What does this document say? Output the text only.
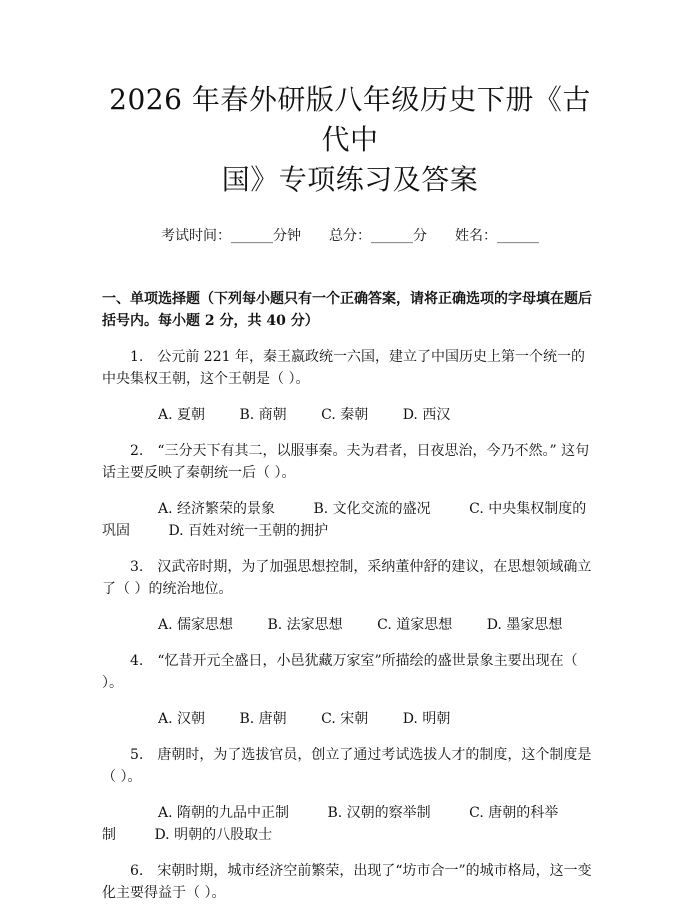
2026 年春外研版八年级历史下册《古代中
国》专项练习及答案
考试时间：______分钟 总分：______分 姓名：______
一、单项选择题（下列每小题只有一个正确答案，请将正确选项的字母填在题后括号内。每小题 2 分，共 40 分）
1.　公元前 221 年，秦王嬴政统一六国，建立了中国历史上第一个统一的中央集权王朝，这个王朝是（ ）。
A. 夏朝 B. 商朝 C. 秦朝 D. 西汉
2.　“三分天下有其二，以服事秦。夫为君者，日夜思治，今乃不然。” 这句话主要反映了秦朝统一后（ ）。
A. 经济繁荣的景象	B. 文化交流的盛况	C. 中央集权制度的巩固	D. 百姓对统一王朝的拥护
3.　汉武帝时期，为了加强思想控制，采纳董仲舒的建议，在思想领域确立了（ ）的统治地位。
A. 儒家思想 B. 法家思想 C. 道家思想 D. 墨家思想
4.　“忆昔开元全盛日，小邑犹藏万家室”所描绘的盛世景象主要出现在（ ）。
A. 汉朝 B. 唐朝 C. 宋朝 D. 明朝
5.　唐朝时，为了选拔官员，创立了通过考试选拔人才的制度，这个制度是（ ）。
A. 隋朝的九品中正制	B. 汉朝的察举制	C. 唐朝的科举制	D. 明朝的八股取士
6.　宋朝时期，城市经济空前繁荣，出现了“坊市合一”的城市格局，这一变化主要得益于（ ）。
